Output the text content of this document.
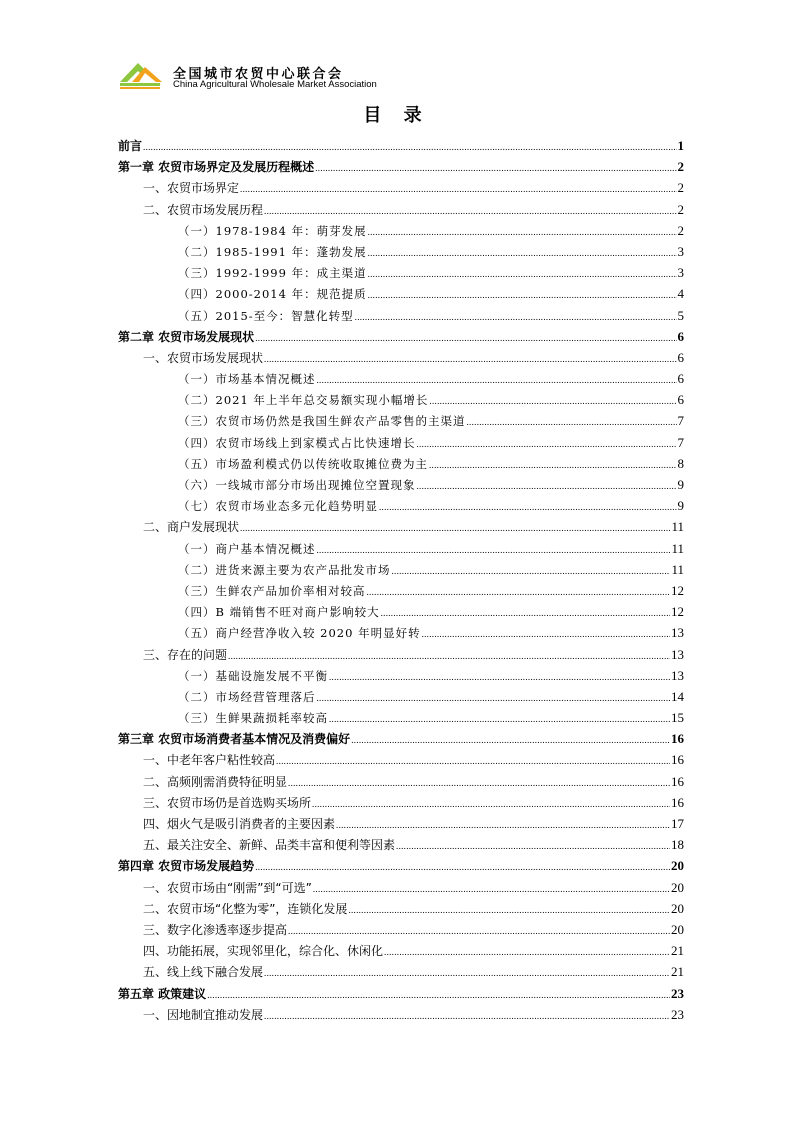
全国城市农贸中心联合会
China Agricultural Wholesale Market Association
目 录
前言 .....	1
第一章 农贸市场界定及发展历程概述 .....	2
一、农贸市场界定 .....	2
二、农贸市场发展历程 .....	2
（一）1978-1984 年：萌芽发展 .....	2
（二）1985-1991 年：蓬勃发展 .....	3
（三）1992-1999 年：成主渠道 .....	3
（四）2000-2014 年：规范提质 .....	4
（五）2015-至今：智慧化转型 .....	5
第二章 农贸市场发展现状 .....	6
一、农贸市场发展现状 .....	6
（一）市场基本情况概述 .....	6
（二）2021 年上半年总交易额实现小幅增长 .....	6
（三）农贸市场仍然是我国生鲜农产品零售的主渠道 .....	7
（四）农贸市场线上到家模式占比快速增长 .....	7
（五）市场盈利模式仍以传统收取摊位费为主 .....	8
（六）一线城市部分市场出现摊位空置现象 .....	9
（七）农贸市场业态多元化趋势明显 .....	9
二、商户发展现状 .....	11
（一）商户基本情况概述 .....	11
（二）进货来源主要为农产品批发市场 .....	11
（三）生鲜农产品加价率相对较高 .....	12
（四）B 端销售不旺对商户影响较大 .....	12
（五）商户经营净收入较 2020 年明显好转 .....	13
三、存在的问题 .....	13
（一）基础设施发展不平衡 .....	13
（二）市场经营管理落后 .....	14
（三）生鲜果蔬损耗率较高 .....	15
第三章 农贸市场消费者基本情况及消费偏好 .....	16
一、中老年客户粘性较高 .....	16
二、高频刚需消费特征明显 .....	16
三、农贸市场仍是首选购买场所 .....	16
四、烟火气是吸引消费者的主要因素 .....	17
五、最关注安全、新鲜、品类丰富和便利等因素 .....	18
第四章 农贸市场发展趋势 .....	20
一、农贸市场由“刚需”到“可选” .....	20
二、农贸市场“化整为零”，连锁化发展 .....	20
三、数字化渗透率逐步提高 .....	20
四、功能拓展，实现邻里化，综合化、休闲化 .....	21
五、线上线下融合发展 .....	21
第五章 政策建议 .....	23
一、因地制宜推动发展 .....	23
